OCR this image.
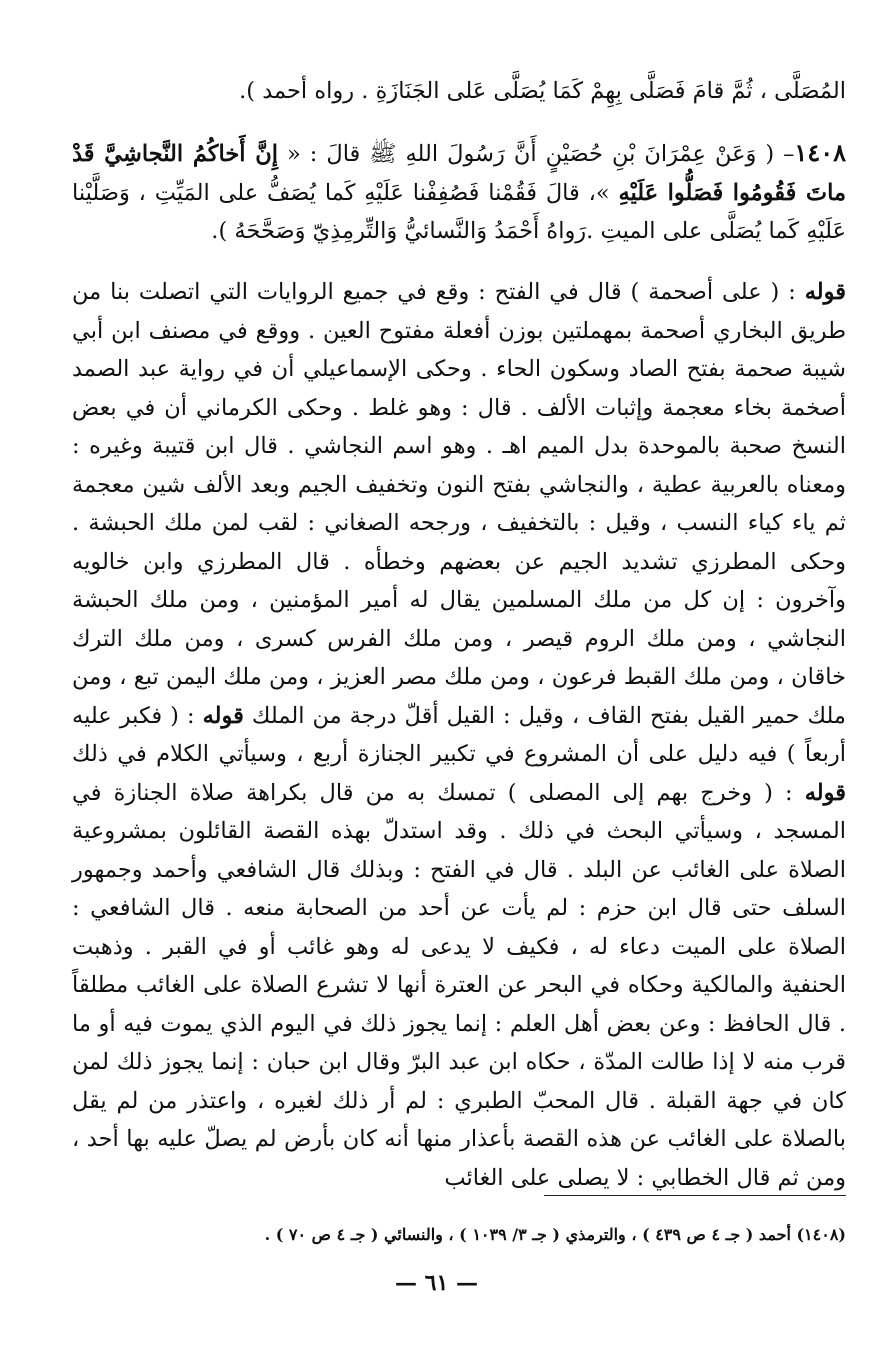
المُصَلَّى ، ثُمَّ قامَ فَصَلَّى بِهِمْ كَمَا يُصَلَّى عَلى الجَنَازَةِ . رواه أحمد ).

١٤٠٨– ( وَعَنْ عِمْرَانَ بْنِ حُصَيْنٍ أَنَّ رَسُولَ اللهِ ﷺ قالَ : « إِنَّ أَخاكُمُ النَّجاشِيَّ قَدْ ماتَ فَقُومُوا فَصَلُّوا عَلَيْهِ »، قالَ فَقُمْنا فَصُفِفْنا عَلَيْهِ كَما يُصَفُّ على المَيِّتِ ، وَصَلَّيْنا عَلَيْهِ كَما يُصَلَّى على الميتِ .رَواهُ أَحْمَدُ وَالنَّسائيُّ وَالتِّرمِذِيّ وَصَحَّحَهُ ).

قوله : ( على أصحمة ) قال في الفتح : وقع في جميع الروايات التي اتصلت بنا من طريق البخاري أصحمة بمهملتين بوزن أفعلة مفتوح العين . ووقع في مصنف ابن أبي شيبة صحمة بفتح الصاد وسكون الحاء . وحكى الإسماعيلي أن في رواية عبد الصمد أصخمة بخاء معجمة وإثبات الألف . قال : وهو غلط . وحكى الكرماني أن في بعض النسخ صحبة بالموحدة بدل الميم اهـ . وهو اسم النجاشي . قال ابن قتيبة وغيره : ومعناه بالعربية عطية ، والنجاشي بفتح النون وتخفيف الجيم وبعد الألف شين معجمة ثم ياء كياء النسب ، وقيل : بالتخفيف ، ورجحه الصغاني : لقب لمن ملك الحبشة . وحكى المطرزي تشديد الجيم عن بعضهم وخطأه . قال المطرزي وابن خالويه وآخرون : إن كل من ملك المسلمين يقال له أمير المؤمنين ، ومن ملك الحبشة النجاشي ، ومن ملك الروم قيصر ، ومن ملك الفرس كسرى ، ومن ملك الترك خاقان ، ومن ملك القبط فرعون ، ومن ملك مصر العزيز ، ومن ملك اليمن تبع ، ومن ملك حمير القيل بفتح القاف ، وقيل : القيل أقلّ درجة من الملك قوله : ( فكبر عليه أربعاً ) فيه دليل على أن المشروع في تكبير الجنازة أربع ، وسيأتي الكلام في ذلك قوله : ( وخرج بهم إلى المصلى ) تمسك به من قال بكراهة صلاة الجنازة في المسجد ، وسيأتي البحث في ذلك . وقد استدلّ بهذه القصة القائلون بمشروعية الصلاة على الغائب عن البلد . قال في الفتح : وبذلك قال الشافعي وأحمد وجمهور السلف حتى قال ابن حزم : لم يأت عن أحد من الصحابة منعه . قال الشافعي : الصلاة على الميت دعاء له ، فكيف لا يدعى له وهو غائب أو في القبر . وذهبت الحنفية والمالكية وحكاه في البحر عن العترة أنها لا تشرع الصلاة على الغائب مطلقاً . قال الحافظ : وعن بعض أهل العلم : إنما يجوز ذلك في اليوم الذي يموت فيه أو ما قرب منه لا إذا طالت المدّة ، حكاه ابن عبد البرّ وقال ابن حبان : إنما يجوز ذلك لمن كان في جهة القبلة . قال المحبّ الطبري : لم أر ذلك لغيره ، واعتذر من لم يقل بالصلاة على الغائب عن هذه القصة بأعذار منها أنه كان بأرض لم يصلّ عليه بها أحد ، ومن ثم قال الخطابي : لا يصلى على الغائب

(١٤٠٨) أحمد ( جـ ٤ ص ٤٣٩ ) ، والترمذي ( جـ ٣/ ١٠٣٩ ) ، والنسائي ( جـ ٤ ص ٧٠ ) .

— ٦١ —
